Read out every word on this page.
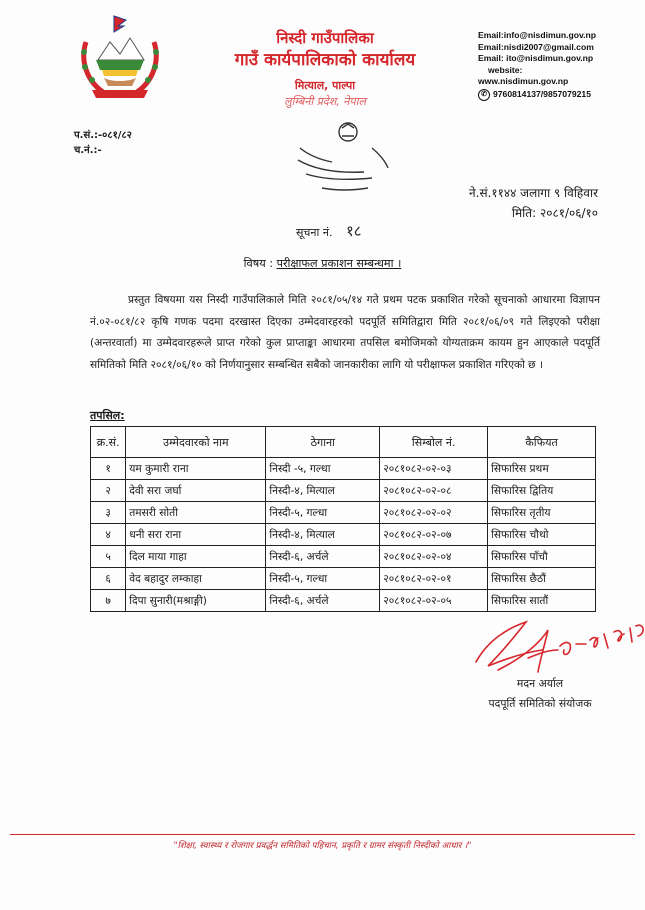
निस्दी गाउँपालिका
गाउँ कार्यपालिकाको कार्यालय
मित्याल, पाल्पा
लुम्बिनी प्रदेश, नेपाल
Email:info@nisdimun.gov.np
Email:nisdi2007@gmail.com
Email: ito@nisdimun.gov.np
website:
www.nisdimun.gov.np
✆ 9760814137/9857079215
प.सं.:-०८१/८२
च.नं.:-
ने.सं.११४४ जलागा ९ विहिवार
मिति: २०८१/०६/१०
सूचना नं. १८
विषय : परीक्षाफल प्रकाशन सम्बन्धमा ।
प्रस्तुत विषयमा यस निस्दी गाउँपालिकाले मिति २०८१/०५/१४ गते प्रथम पटक प्रकाशित गरेको सूचनाको आधारमा विज्ञापन नं.०२-०८१/८२ कृषि गणक पदमा दरखास्त दिएका उम्मेदवारहरको पदपूर्ति समितिद्वारा मिति २०८१/०६/०९ गते लिइएको परीक्षा (अन्तरवार्ता) मा उम्मेदवारहरूले प्राप्त गरेको कुल प्राप्ताङ्का आधारमा तपसिल बमोजिमको योग्यताक्रम कायम हुन आएकाले पदपूर्ति समितिको मिति २०८१/०६/१० को निर्णयानुसार सम्बन्धित सबैको जानकारीका लागि यो परीक्षाफल प्रकाशित गरिएको छ ।
तपसिल:
क्र.सं.	उम्मेदवारको नाम	ठेगाना	सिम्बोल नं.	कैफियत
१	यम कुमारी राना	निस्दी -५, गल्धा	२०८१०८२-०२-०३	सिफारिस प्रथम
२	देवी सरा जर्घा	निस्दी-४, मित्याल	२०८१०८२-०२-०८	सिफारिस द्वितिय
३	तमसरी सोती	निस्दी-५, गल्धा	२०८१०८२-०२-०२	सिफारिस तृतीय
४	धनी सरा राना	निस्दी-४, मित्याल	२०८१०८२-०२-०७	सिफारिस चौथो
५	दिल माया गाहा	निस्दी-६, अर्चले	२०८१०८२-०२-०४	सिफारिस पाँचौ
६	वेद बहादुर लम्काहा	निस्दी-५, गल्धा	२०८१०८२-०२-०१	सिफारिस छैठौं
७	दिपा सुनारी(मश्राङ्गी)	निस्दी-६, अर्चले	२०८१०८२-०२-०५	सिफारिस सातौं
मदन अर्याल
पदपूर्ति समितिको संयोजक
"शिक्षा, स्वास्थ्य र रोजगार प्रवर्द्धन समितिको पहिचान, प्रकृति र ग्रामर संस्कृती निस्दीको आधार ।"
